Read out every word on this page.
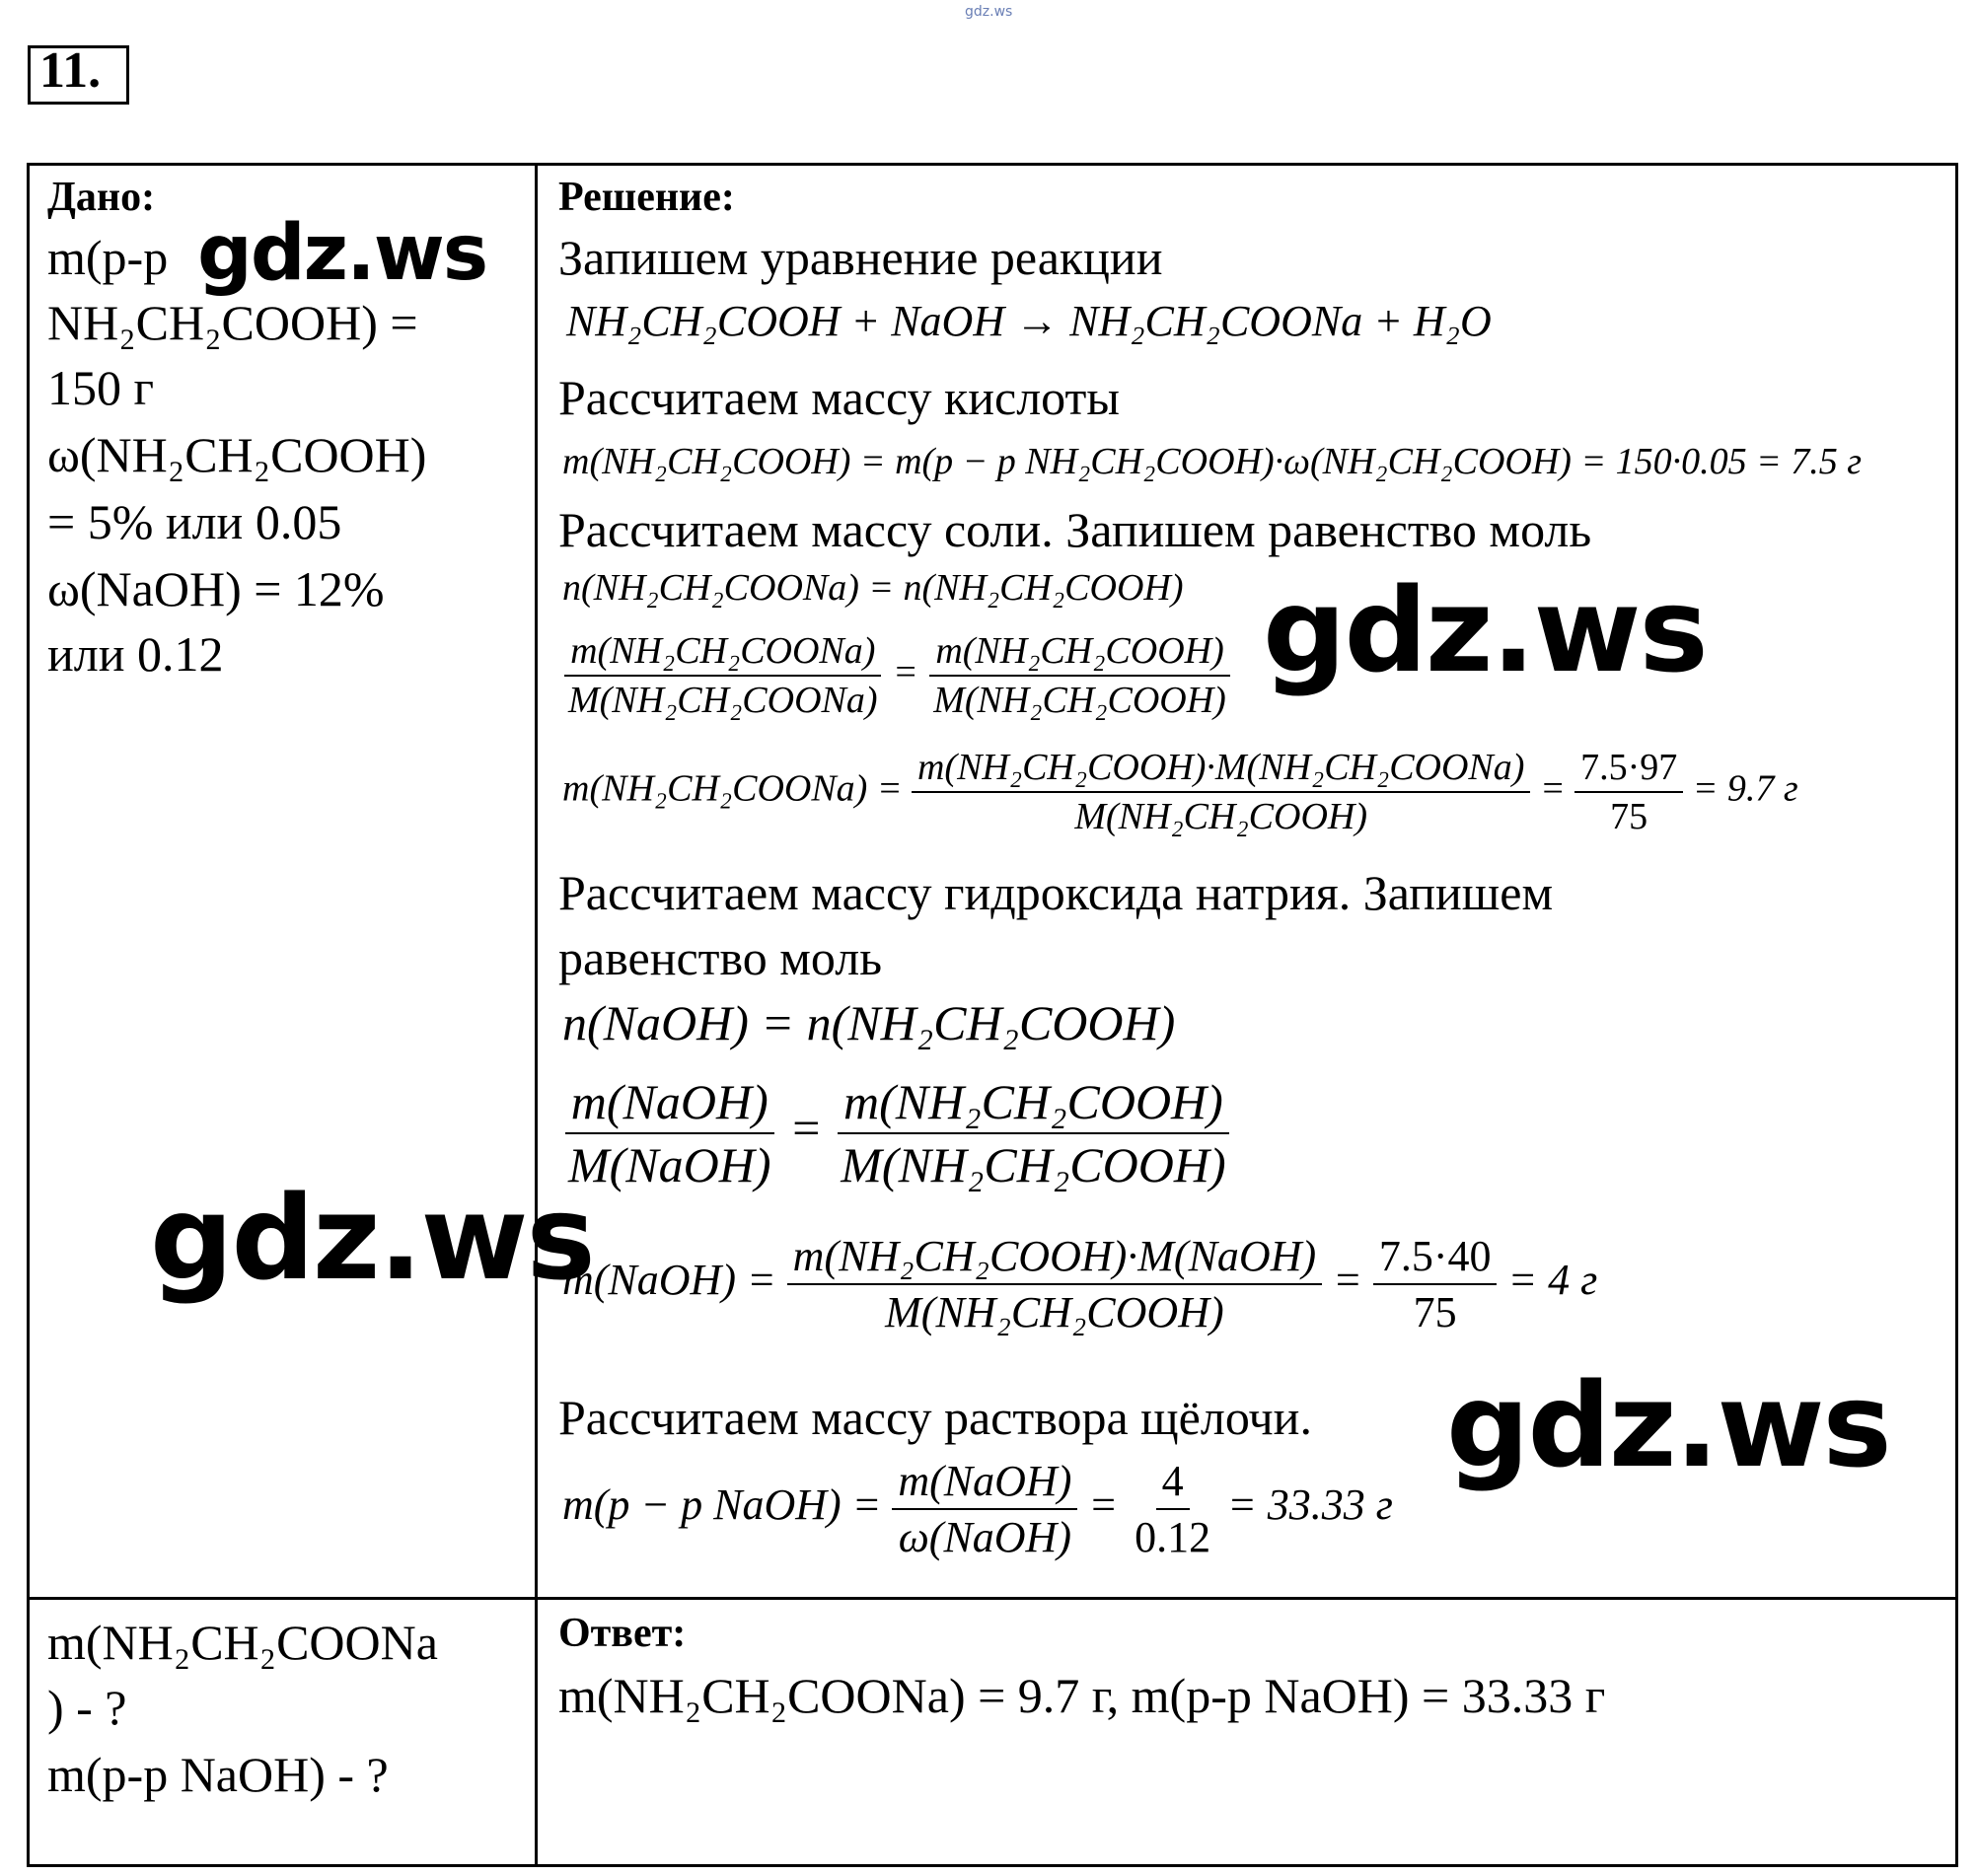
gdz.ws
11.
Дано:
m(р-р
NH₂CH₂COOH) =
150 г
ω(NH₂CH₂COOH)
= 5% или 0.05
ω(NaOH) = 12%
или 0.12
m(NH₂CH₂COONa
) - ?
m(р-р NaOH) - ?
Решение:
Запишем уравнение реакции
NH₂CH₂COOH + NaOH → NH₂CH₂COONa + H₂O
Рассчитаем массу кислоты
m(NH₂CH₂COOH) = m(р − р NH₂CH₂COOH)·ω(NH₂CH₂COOH) = 150·0.05 = 7.5 г
Рассчитаем массу соли. Запишем равенство моль
n(NH₂CH₂COONa) = n(NH₂CH₂COOH)
$\frac{\text{m(NH₂CH₂COONa)}}{\text{M(NH₂CH₂COONa)}} = \frac{\text{m(NH₂CH₂COOH)}}{\text{M(NH₂CH₂COOH)}}$
m(NH₂CH₂COONa) = $\frac{\text{m(NH₂CH₂COOH)·M(NH₂CH₂COONa)}}{\text{M(NH₂CH₂COOH)}} = \frac{7.5\cdot 97}{75} = 9.7$ г
Рассчитаем массу гидроксида натрия. Запишем
равенство моль
n(NaOH) = n(NH₂CH₂COOH)
$\frac{\text{m(NaOH)}}{\text{M(NaOH)}} = \frac{\text{m(NH₂CH₂COOH)}}{\text{M(NH₂CH₂COOH)}}$
m(NaOH) = $\frac{\text{m(NH₂CH₂COOH)·M(NaOH)}}{\text{M(NH₂CH₂COOH)}} = \frac{7.5\cdot 40}{75} = 4$ г
Рассчитаем массу раствора щёлочи.
m(р − р NaOH) = $\frac{\text{m(NaOH)}}{\text{ω(NaOH)}} = \frac{4}{0.12} = 33.33$ г
Ответ:
m(NH₂CH₂COONa) = 9.7 г, m(р-р NaOH) = 33.33 г
gdz.ws
gdz.ws
gdz.ws
gdz.ws
